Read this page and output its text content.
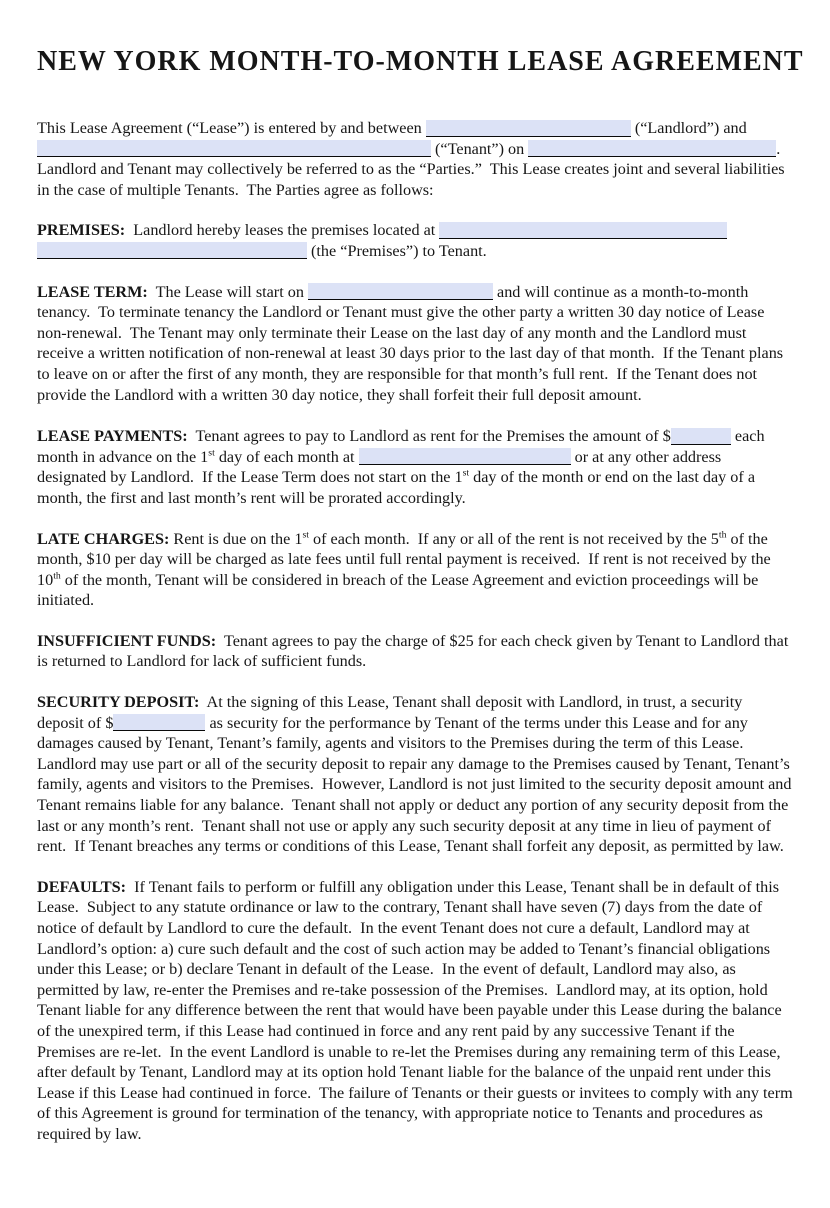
NEW YORK MONTH-TO-MONTH LEASE AGREEMENT

This Lease Agreement (“Lease”) is entered by and between	(“Landlord”) and  (“Tenant”) on	.  Landlord and Tenant may collectively be referred to as the “Parties.”  This Lease creates joint and several liabilities in the case of multiple Tenants.  The Parties agree as follows:

PREMISES:  Landlord hereby leases the premises located at  (the “Premises”) to Tenant.

LEASE TERM:  The Lease will start on	and will continue as a month-to-month tenancy.  To terminate tenancy the Landlord or Tenant must give the other party a written 30 day notice of Lease non-renewal.  The Tenant may only terminate their Lease on the last day of any month and the Landlord must receive a written notification of non-renewal at least 30 days prior to the last day of that month.  If the Tenant plans to leave on or after the first of any month, they are responsible for that month’s full rent.  If the Tenant does not provide the Landlord with a written 30 day notice, they shall forfeit their full deposit amount.

LEASE PAYMENTS:  Tenant agrees to pay to Landlord as rent for the Premises the amount of $	each month in advance on the 1st day of each month at	or at any other address designated by Landlord.  If the Lease Term does not start on the 1st day of the month or end on the last day of a month, the first and last month’s rent will be prorated accordingly.

LATE CHARGES: Rent is due on the 1st of each month.  If any or all of the rent is not received by the 5th of the month, $10 per day will be charged as late fees until full rental payment is received.  If rent is not received by the 10th of the month, Tenant will be considered in breach of the Lease Agreement and eviction proceedings will be initiated.

INSUFFICIENT FUNDS:  Tenant agrees to pay the charge of $25 for each check given by Tenant to Landlord that is returned to Landlord for lack of sufficient funds.

SECURITY DEPOSIT:  At the signing of this Lease, Tenant shall deposit with Landlord, in trust, a security deposit of $	as security for the performance by Tenant of the terms under this Lease and for any damages caused by Tenant, Tenant’s family, agents and visitors to the Premises during the term of this Lease.  Landlord may use part or all of the security deposit to repair any damage to the Premises caused by Tenant, Tenant’s family, agents and visitors to the Premises.  However, Landlord is not just limited to the security deposit amount and Tenant remains liable for any balance.  Tenant shall not apply or deduct any portion of any security deposit from the last or any month’s rent.  Tenant shall not use or apply any such security deposit at any time in lieu of payment of rent.  If Tenant breaches any terms or conditions of this Lease, Tenant shall forfeit any deposit, as permitted by law.

DEFAULTS:  If Tenant fails to perform or fulfill any obligation under this Lease, Tenant shall be in default of this Lease.  Subject to any statute ordinance or law to the contrary, Tenant shall have seven (7) days from the date of notice of default by Landlord to cure the default.  In the event Tenant does not cure a default, Landlord may at Landlord’s option: a) cure such default and the cost of such action may be added to Tenant’s financial obligations under this Lease; or b) declare Tenant in default of the Lease.  In the event of default, Landlord may also, as permitted by law, re-enter the Premises and re-take possession of the Premises.  Landlord may, at its option, hold Tenant liable for any difference between the rent that would have been payable under this Lease during the balance of the unexpired term, if this Lease had continued in force and any rent paid by any successive Tenant if the Premises are re-let.  In the event Landlord is unable to re-let the Premises during any remaining term of this Lease, after default by Tenant, Landlord may at its option hold Tenant liable for the balance of the unpaid rent under this Lease if this Lease had continued in force.  The failure of Tenants or their guests or invitees to comply with any term of this Agreement is ground for termination of the tenancy, with appropriate notice to Tenants and procedures as required by law.
